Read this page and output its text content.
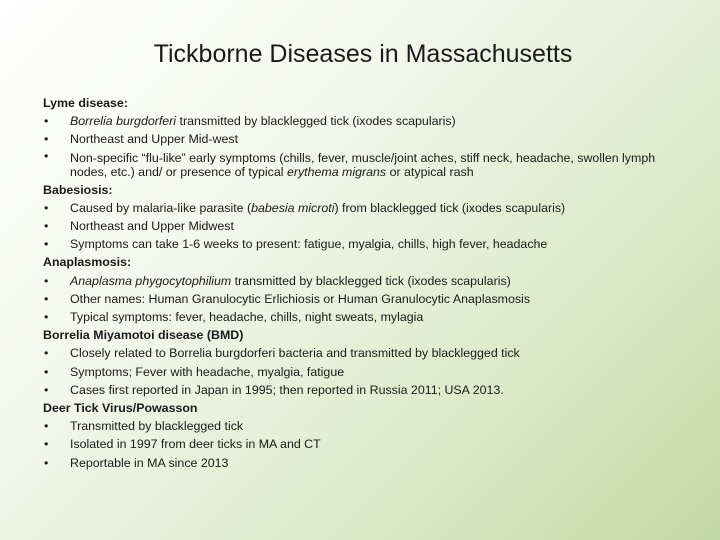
Tickborne Diseases in Massachusetts
Lyme disease:
• Borrelia burgdorferi transmitted by blacklegged tick (ixodes scapularis)
• Northeast and Upper Mid-west
• Non-specific “flu-like” early symptoms (chills, fever, muscle/joint aches, stiff neck, headache, swollen lymph nodes, etc.) and/ or presence of typical erythema migrans or atypical rash
Babesiosis:
• Caused by malaria-like parasite (babesia microti) from blacklegged tick (ixodes scapularis)
• Northeast and Upper Midwest
• Symptoms can take 1-6 weeks to present: fatigue, myalgia, chills, high fever, headache
Anaplasmosis:
• Anaplasma phygocytophilium transmitted by blacklegged tick (ixodes scapularis)
• Other names: Human Granulocytic Erlichiosis or Human Granulocytic Anaplasmosis
• Typical symptoms: fever, headache, chills, night sweats, mylagia
Borrelia Miyamotoi disease (BMD)
• Closely related to Borrelia burgdorferi bacteria and transmitted by blacklegged tick
• Symptoms; Fever with headache, myalgia, fatigue
• Cases first reported in Japan in 1995; then reported in Russia 2011; USA 2013.
Deer Tick Virus/Powasson
• Transmitted by blacklegged tick
• Isolated in 1997 from deer ticks in MA and CT
• Reportable in MA since 2013
